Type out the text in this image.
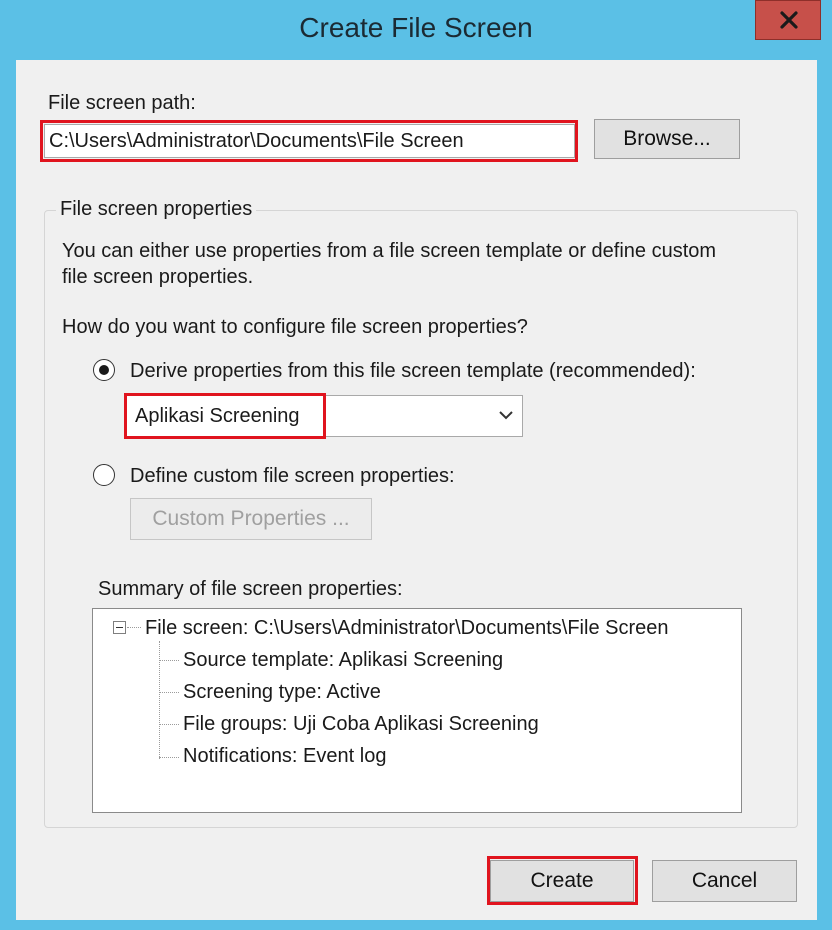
Create File Screen
File screen path:
C:\Users\Administrator\Documents\File Screen
Browse...
File screen properties
You can either use properties from a file screen template or define custom
file screen properties.
How do you want to configure file screen properties?
Derive properties from this file screen template (recommended):
Aplikasi Screening
Define custom file screen properties:
Custom Properties ...
Summary of file screen properties:
File screen: C:\Users\Administrator\Documents\File Screen
Source template: Aplikasi Screening
Screening type: Active
File groups: Uji Coba Aplikasi Screening
Notifications: Event log
Create	Cancel
